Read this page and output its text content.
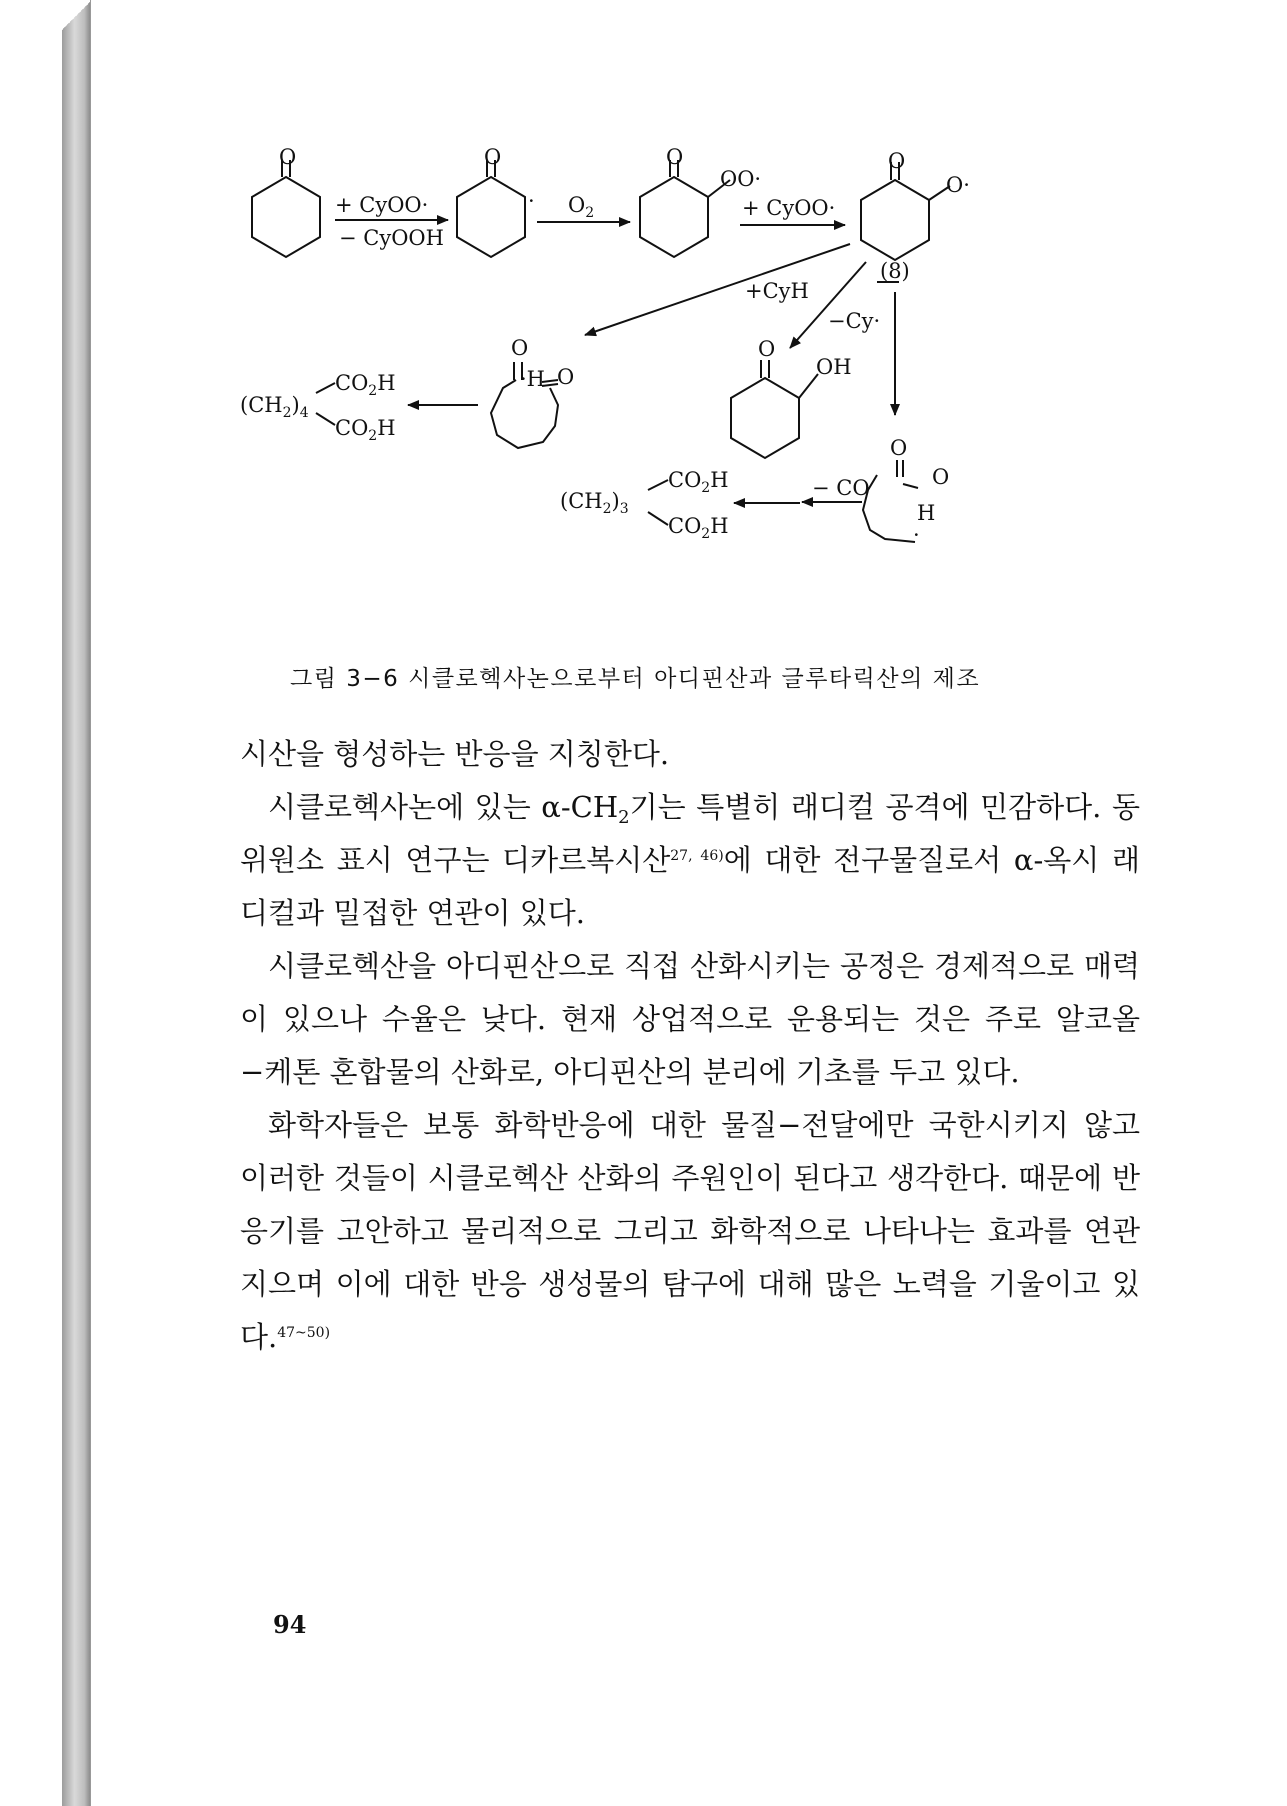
O
+ CyOO·
− CyOOH
O
· $O_2$
O
OO·
+ CyOO·
O
O·
(8)
+CyH
−Cy·
O
·H O
$CO_2H$
$(CH_2)_4$
$CO_2H$
O
OH
O
O
H
·
− CO
$CO_2H$
$(CH_2)_3$
$CO_2H$
그림 3−6 시클로헥사논으로부터 아디핀산과 글루타릭산의 제조

시산을 형성하는 반응을 지칭한다.

시클로헥사논에 있는 $\alpha-CH_2$기는 특별히 래디컬 공격에 민감하다. 동위원소 표시 연구는 디카르복시산$^{27, 46)}$에 대한 전구물질로서 α-옥시 래디컬과 밀접한 연관이 있다.

시클로헥산을 아디핀산으로 직접 산화시키는 공정은 경제적으로 매력이 있으나 수율은 낮다. 현재 상업적으로 운용되는 것은 주로 알코올−케톤 혼합물의 산화로, 아디핀산의 분리에 기초를 두고 있다.

화학자들은 보통 화학반응에 대한 물질−전달에만 국한시키지 않고 이러한 것들이 시클로헥산 산화의 주원인이 된다고 생각한다. 때문에 반응기를 고안하고 물리적으로 그리고 화학적으로 나타나는 효과를 연관지으며 이에 대한 반응 생성물의 탐구에 대해 많은 노력을 기울이고 있다.$^{47\sim 50)}$

94
